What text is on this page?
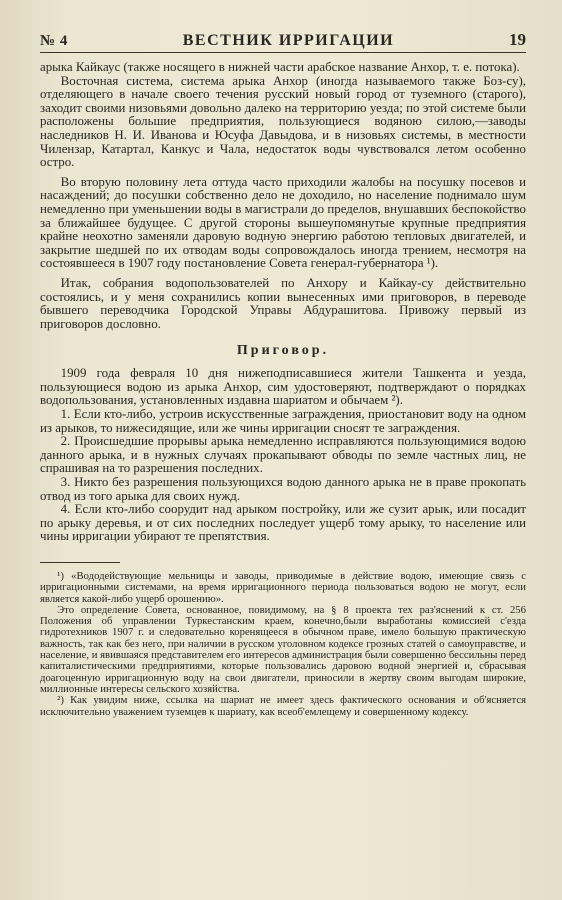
№ 4	ВЕСТНИК ИРРИГАЦИИ	19

арыка Кайкаус (также носящего в нижней части арабское название Анхор, т. е. потока).

Восточная система, система арыка Анхор (иногда называемого также Боз-су), отделяющего в начале своего течения русский новый город от туземного (старого), заходит своими низовьями довольно далеко на территорию уезда; по этой системе были расположены большие предприятия, пользующиеся водяною силою,—заводы наследников Н. И. Иванова и Юсуфа Давыдова, и в низовьях системы, в местности Чилензар, Катартал, Канкус и Чала, недостаток воды чувствовался летом особенно остро.

Во вторую половину лета оттуда часто приходили жалобы на посушку посевов и насаждений; до посушки собственно дело не доходило, но население поднимало шум немедленно при уменьшении воды в магистрали до пределов, внушавших беспокойство за ближайшее будущее. С другой стороны вышеупомянутые крупные предприятия крайне неохотно заменяли даровую водную энергию работою тепловых двигателей, и закрытие шедшей по их отводам воды сопровождалось иногда трением, несмотря на состоявшееся в 1907 году постановление Совета генерал-губернатора ¹).

Итак, собрания водопользователей по Анхору и Кайкау-су действительно состоялись, и у меня сохранились копии вынесенных ими приговоров, в переводе бывшего переводчика Городской Управы Абдурашитова. Привожу первый из приговоров дословно.

Приговор.

1909 года февраля 10 дня нижеподписавшиеся жители Ташкента и уезда, пользующиеся водою из арыка Анхор, сим удостоверяют, подтверждают о порядках водопользования, установленных издавна шариатом и обычаем ²).

1. Если кто-либо, устроив искусственные заграждения, приостановит воду на одном из арыков, то нижесидящие, или же чины ирригации сносят те заграждения.

2. Происшедшие прорывы арыка немедленно исправляются пользующимися водою данного арыка, и в нужных случаях прокапывают обводы по земле частных лиц, не спрашивая на то разрешения последних.

3. Никто без разрешения пользующихся водою данного арыка не в праве прокопать отвод из того арыка для своих нужд.

4. Если кто-либо соорудит над арыком постройку, или же сузит арык, или посадит по арыку деревья, и от сих последних последует ущерб тому арыку, то население или чины ирригации убирают те препятствия.

¹) «Вододействующие мельницы и заводы, приводимые в действие водою, имеющие связь с ирригационными системами, на время ирригационного периода пользоваться водою не могут, если является какой-либо ущерб орошению».

Это определение Совета, основанное, повидимому, на § 8 проекта тех раз'яснений к ст. 256 Положения об управлении Туркестанским краем, конечно,были выработаны комиссией с'езда гидротехников 1907 г. и следовательно коренящееся в обычном праве, имело большую практическую важность, так как без него, при наличии в русском уголовном кодексе грозных статей о самоуправстве, и население, и явившаяся представителем его интересов администрация были совершенно бессильны перед капиталистическими предприятиями, которые пользовались даровою водной энергией и, сбрасывая доагоценную ирригационную воду на свои двигатели, приносили в жертву своим выгодам широкие, миллионные интересы сельского хозяйства.

²) Как увидим ниже, ссылка на шариат не имеет здесь фактического основания и об'ясняется исключительно уважением туземцев к шариату, как всеоб'емлещему и совершенному кодексу.
